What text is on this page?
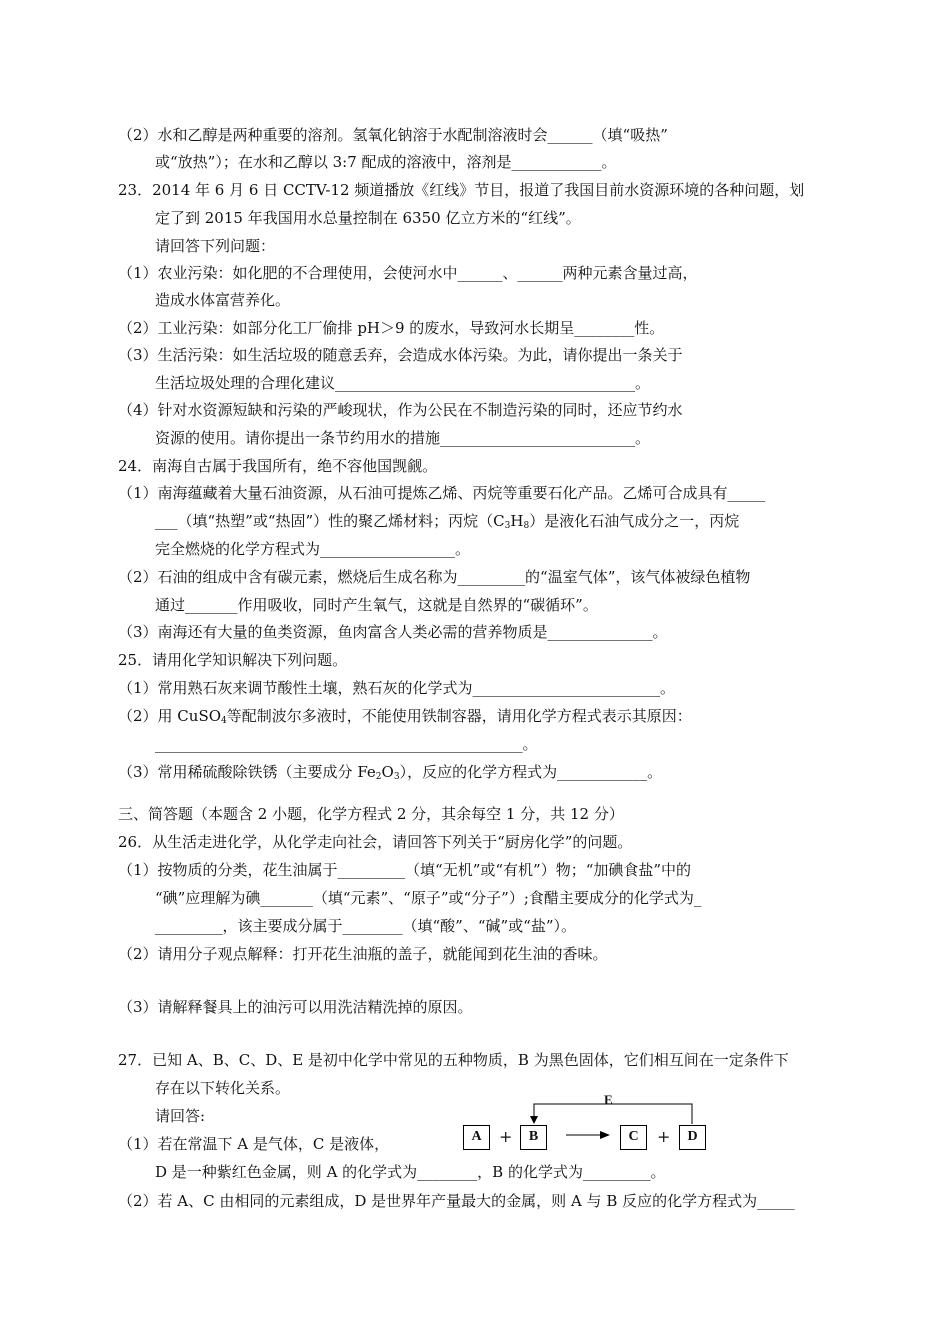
（2）水和乙醇是两种重要的溶剂。氢氧化钠溶于水配制溶液时会______（填“吸热”
或“放热”）；在水和乙醇以 3:7 配成的溶液中，溶剂是____________。
23．2014 年 6 月 6 日 CCTV-12 频道播放《红线》节目，报道了我国目前水资源环境的各种问题，划
定了到 2015 年我国用水总量控制在 6350 亿立方米的“红线”。
请回答下列问题：
（1）农业污染：如化肥的不合理使用，会使河水中______、______两种元素含量过高，
造成水体富营养化。
（2）工业污染：如部分化工厂偷排 pH＞9 的废水，导致河水长期呈________性。
（3）生活污染：如生活垃圾的随意丢弃，会造成水体污染。为此，请你提出一条关于
生活垃圾处理的合理化建议________________________________________。
（4）针对水资源短缺和污染的严峻现状，作为公民在不制造污染的同时，还应节约水
资源的使用。请你提出一条节约用水的措施__________________________。
24．南海自古属于我国所有，绝不容他国觊觎。
（1）南海蕴藏着大量石油资源，从石油可提炼乙烯、丙烷等重要石化产品。乙烯可合成具有_____
___（填“热塑”或“热固”）性的聚乙烯材料；丙烷$(C_3H_8)$是液化石油气成分之一，丙烷
完全燃烧的化学方程式为__________________。
（2）石油的组成中含有碳元素，燃烧后生成名称为_________的“温室气体”，该气体被绿色植物
通过_______作用吸收，同时产生氧气，这就是自然界的“碳循环”。
（3）南海还有大量的鱼类资源，鱼肉富含人类必需的营养物质是______________。
25．请用化学知识解决下列问题。
（1）常用熟石灰来调节酸性土壤，熟石灰的化学式为_________________________。
（2）用 CuSO$_4$等配制波尔多液时，不能使用铁制容器，请用化学方程式表示其原因：
_________________________________________________。
（3）常用稀硫酸除铁锈（主要成分 $Fe_2O_3$），反应的化学方程式为____________。
三、简答题（本题含 2 小题，化学方程式 2 分，其余每空 1 分，共 12 分）
26．从生活走进化学，从化学走向社会，请回答下列关于“厨房化学”的问题。
（1）按物质的分类，花生油属于_________（填“无机”或“有机”）物；“加碘食盐”中的
“碘”应理解为碘_______（填“元素”、“原子”或“分子”）;食醋主要成分的化学式为_
_________，该主要成分属于________（填“酸”、“碱”或“盐”）。
（2）请用分子观点解释：打开花生油瓶的盖子，就能闻到花生油的香味。
（3）请解释餐具上的油污可以用洗洁精洗掉的原因。
27．已知 A、B、C、D、E 是初中化学中常见的五种物质，B 为黑色固体，它们相互间在一定条件下
存在以下转化关系。
请回答:
（1）若在常温下 A 是气体，C 是液体，
D 是一种紫红色金属，则 A 的化学式为________，B 的化学式为_________。
（2）若 A、C 由相同的元素组成，D 是世界年产量最大的金属，则 A 与 B 反应的化学方程式为_____
A	+	B	C	+	D
E
